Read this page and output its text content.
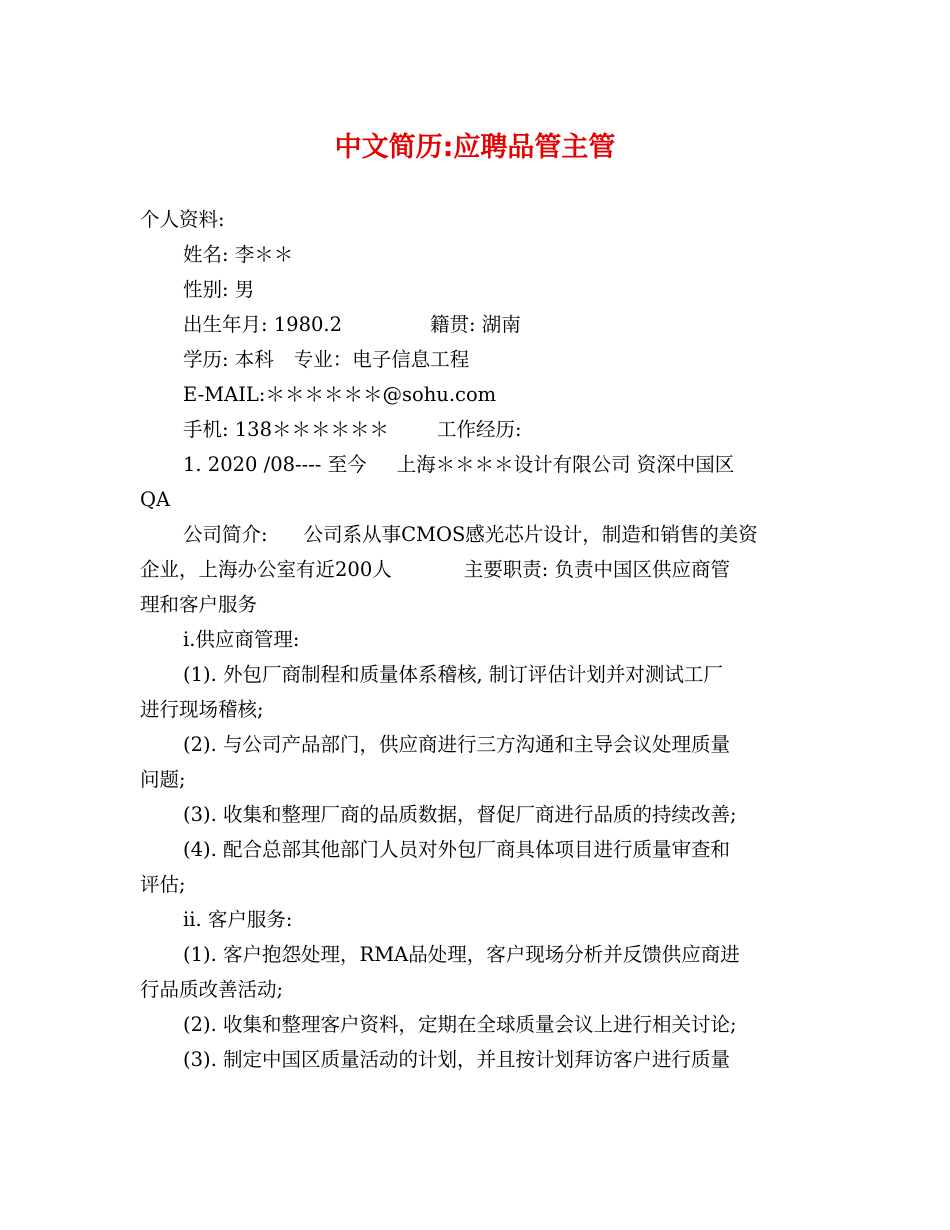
中文简历:应聘品管主管
个人资料:
姓名: 李＊＊
性别: 男
出生年月: 1980.2	籍贯: 湖南
学历: 本科 专业：电子信息工程
E-MAIL:＊＊＊＊＊＊@sohu.com
手机: 138＊＊＊＊＊＊ 工作经历:
1. 2020 /08---- 至今 上海＊＊＊＊设计有限公司 资深中国区
QA
公司简介: 公司系从事CMOS感光芯片设计，制造和销售的美资
企业，上海办公室有近200人	主要职责: 负责中国区供应商管
理和客户服务
i.供应商管理:
(1). 外包厂商制程和质量体系稽核, 制订评估计划并对测试工厂
进行现场稽核;
(2). 与公司产品部门，供应商进行三方沟通和主导会议处理质量
问题;
(3). 收集和整理厂商的品质数据，督促厂商进行品质的持续改善;
(4). 配合总部其他部门人员对外包厂商具体项目进行质量审查和
评估;
ii. 客户服务:
(1). 客户抱怨处理，RMA品处理，客户现场分析并反馈供应商进
行品质改善活动;
(2). 收集和整理客户资料，定期在全球质量会议上进行相关讨论;
(3). 制定中国区质量活动的计划，并且按计划拜访客户进行质量
